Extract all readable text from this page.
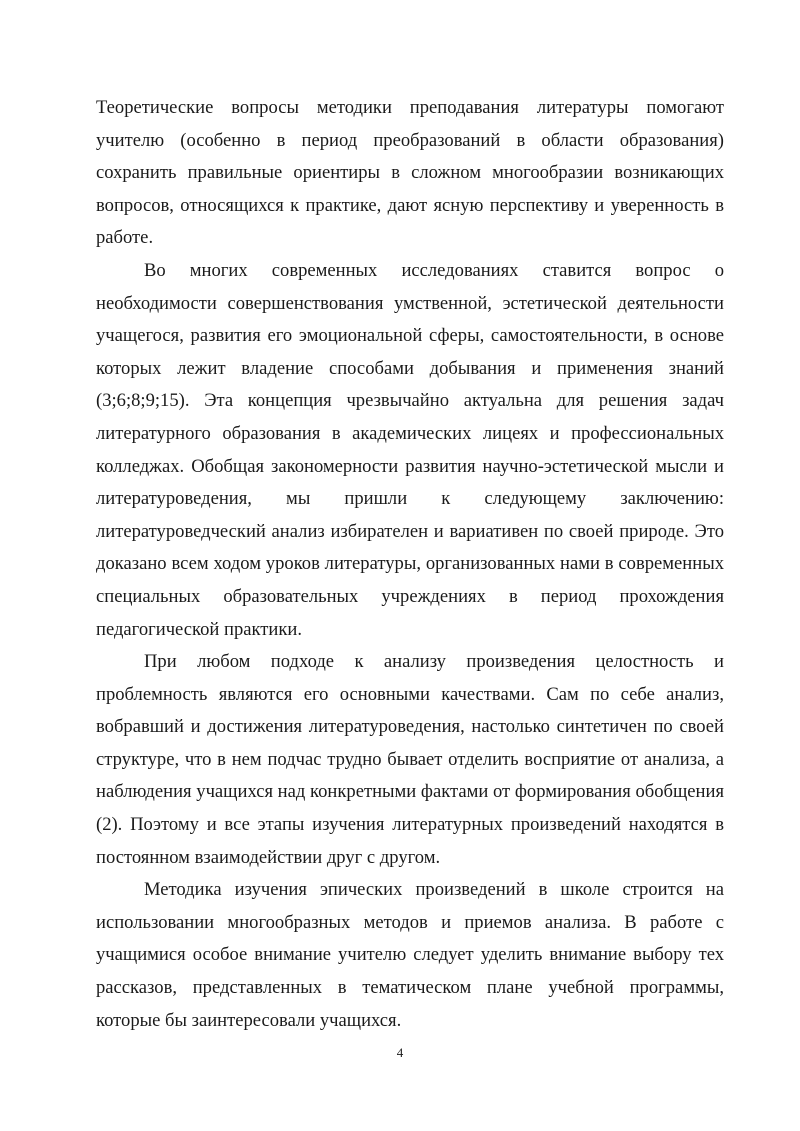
Теоретические вопросы методики преподавания литературы помогают учителю (особенно в период преобразований в области образования) сохранить правильные ориентиры в сложном многообразии возникающих вопросов, относящихся к практике, дают ясную перспективу и уверенность в работе.

Во многих современных исследованиях ставится вопрос о необходимости совершенствования умственной, эстетической деятельности учащегося, развития его эмоциональной сферы, самостоятельности, в основе которых лежит владение способами добывания и применения знаний (3;6;8;9;15). Эта концепция чрезвычайно актуальна для решения задач литературного образования в академических лицеях и профессиональных колледжах. Обобщая закономерности развития научно-эстетической мысли и литературоведения, мы пришли к следующему заключению: литературоведческий анализ избирателен и вариативен по своей природе. Это доказано всем ходом уроков литературы, организованных нами в современных специальных образовательных учреждениях в период прохождения педагогической практики.

При любом подходе к анализу произведения целостность и проблемность являются его основными качествами. Сам по себе анализ, вобравший и достижения литературоведения, настолько синтетичен по своей структуре, что в нем подчас трудно бывает отделить восприятие от анализа, а наблюдения учащихся над конкретными фактами от формирования обобщения (2). Поэтому и все этапы изучения литературных произведений находятся в постоянном взаимодействии друг с другом.

Методика изучения эпических произведений в школе строится на использовании многообразных методов и приемов анализа. В работе с учащимися особое внимание учителю следует уделить внимание выбору тех рассказов, представленных в тематическом плане учебной программы, которые бы заинтересовали учащихся.

4
